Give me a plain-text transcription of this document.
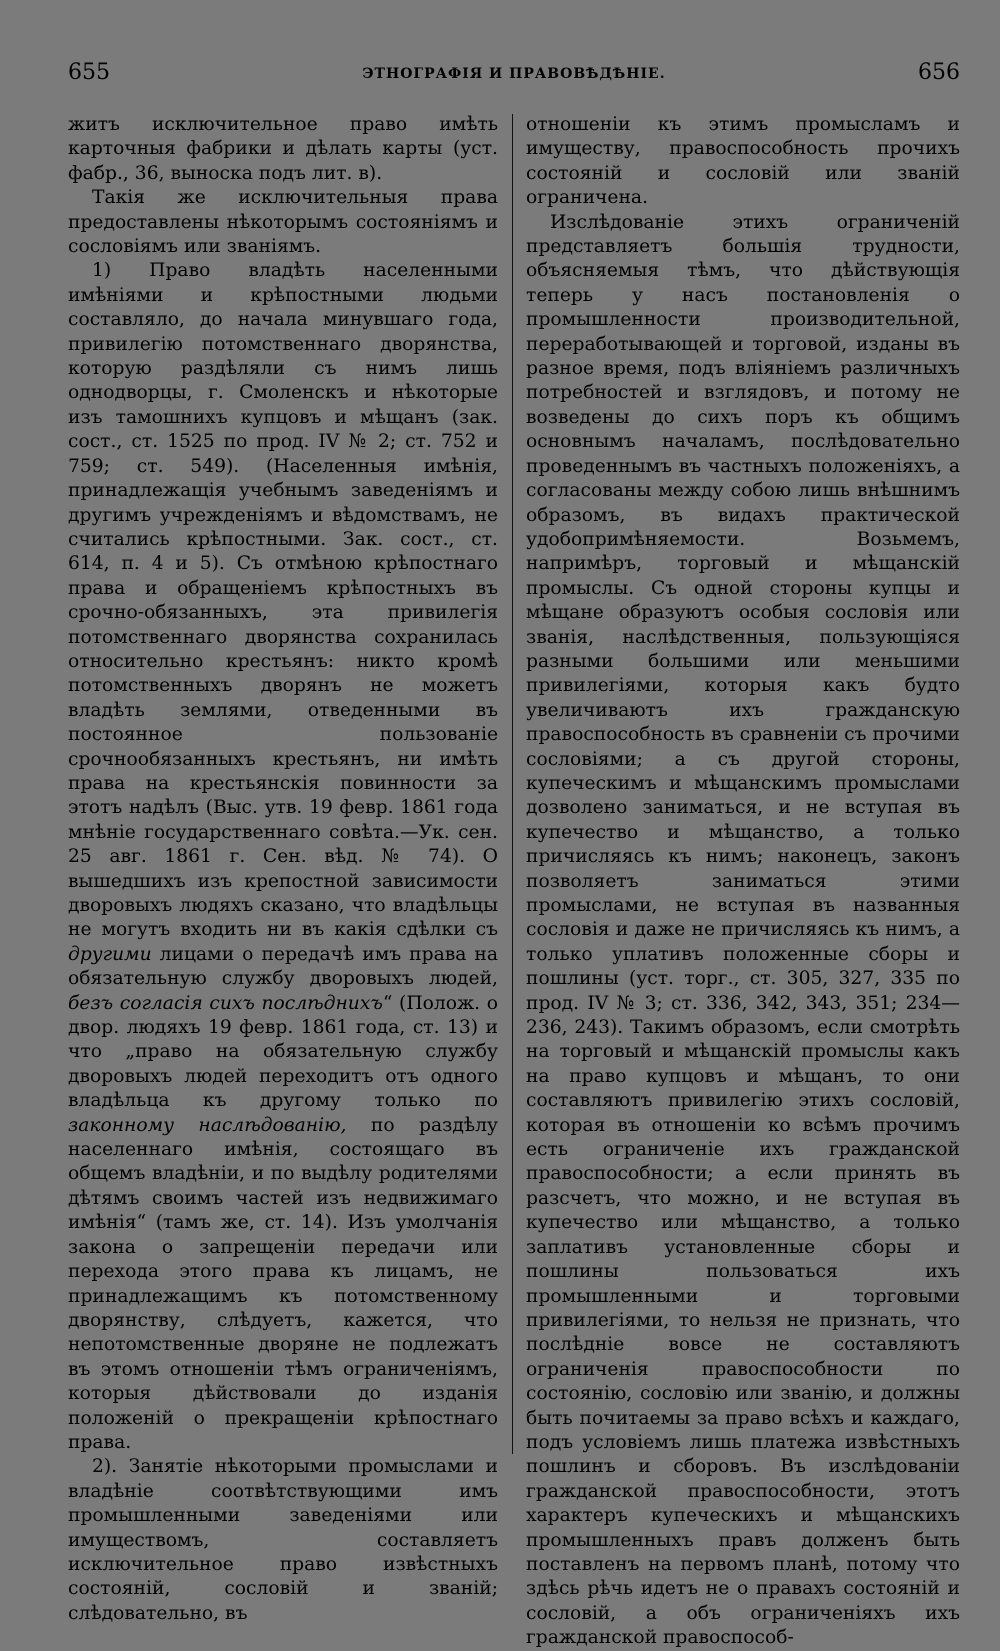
655	ЭТНОГРАФІЯ И ПРАВОВѢДѢНІЕ.	656

житъ исключительное право имѣть карточныя фабрики и дѣлать карты (уст. фабр., 36, выноска подъ лит. в).

Такія же исключительныя права предоставлены нѣкоторымъ состояніямъ и сословіямъ или званіямъ.

1) Право владѣть населенными имѣніями и крѣпостными людьми составляло, до начала минувшаго года, привилегію потомственнаго дворянства, которую раздѣляли съ нимъ лишь однодворцы, г. Смоленскъ и нѣкоторые изъ тамошнихъ купцовъ и мѣщанъ (зак. сост., ст. 1525 по прод. IV № 2; ст. 752 и 759; ст. 549). (Населенныя имѣнія, принадлежащія учебнымъ заведеніямъ и другимъ учрежденіямъ и вѣдомствамъ, не считались крѣпостными. Зак. сост., ст. 614, п. 4 и 5). Съ отмѣною крѣпостнаго права и обращеніемъ крѣпостныхъ въ срочно-обязанныхъ, эта привилегія потомственнаго дворянства сохранилась относительно крестьянъ: никто кромѣ потомственныхъ дворянъ не можетъ владѣть землями, отведенными въ постоянное пользованіе срочнообязанныхъ крестьянъ, ни имѣть права на крестьянскія повинности за этотъ надѣлъ (Выс. утв. 19 февр. 1861 года мнѣніе государственнаго совѣта.—Ук. сен. 25 авг. 1861 г. Сен. вѣд. № 74). О вышедшихъ изъ крепостной зависимости дворовыхъ людяхъ сказано, что владѣльцы не могутъ входить ни въ какія сдѣлки съ другими лицами о передачѣ имъ права на обязательную службу дворовыхъ людей, безъ согласія сихъ послѣднихъ“ (Полож. о двор. людяхъ 19 февр. 1861 года, ст. 13) и что „право на обязательную службу дворовыхъ людей переходитъ отъ одного владѣльца къ другому только по законному наслѣдованію, по раздѣлу населеннаго имѣнія, состоящаго въ общемъ владѣніи, и по выдѣлу родителями дѣтямъ своимъ частей изъ недвижимаго имѣнія“ (тамъ же, ст. 14). Изъ умолчанія закона о запрещеніи передачи или перехода этого права къ лицамъ, не принадлежащимъ къ потомственному дворянству, слѣдуетъ, кажется, что непотомственные дворяне не подлежатъ въ этомъ отношеніи тѣмъ ограниченіямъ, которыя дѣйствовали до изданія положеній о прекращеніи крѣпостнаго права.

2). Занятіе нѣкоторыми промыслами и владѣніе соотвѣтствующими имъ промышленными заведеніями или имуществомъ, составляетъ исключительное право извѣстныхъ состояній, сословій и званій; слѣдовательно, въ

отношеніи къ этимъ промысламъ и имуществу, правоспособность прочихъ состояній и сословій или званій ограничена.

Изслѣдованіе этихъ ограниченій представляетъ большія трудности, объясняемыя тѣмъ, что дѣйствующія теперь у насъ постановленія о промышленности производительной, переработывающей и торговой, изданы въ разное время, подъ вліяніемъ различныхъ потребностей и взглядовъ, и потому не возведены до сихъ поръ къ общимъ основнымъ началамъ, послѣдовательно проведеннымъ въ частныхъ положеніяхъ, а согласованы между собою лишь внѣшнимъ образомъ, въ видахъ практической удобопримѣняемости. Возьмемъ, напримѣръ, торговый и мѣщанскій промыслы. Съ одной стороны купцы и мѣщане образуютъ особыя сословія или званія, наслѣдственныя, пользующіяся разными большими или меньшими привилегіями, которыя какъ будто увеличиваютъ ихъ гражданскую правоспособность въ сравненіи съ прочими сословіями; а съ другой стороны, купеческимъ и мѣщанскимъ промыслами дозволено заниматься, и не вступая въ купечество и мѣщанство, а только причисляясь къ нимъ; наконецъ, законъ позволяетъ заниматься этими промыслами, не вступая въ названныя сословія и даже не причисляясь къ нимъ, а только уплативъ положенные сборы и пошлины (уст. торг., ст. 305, 327, 335 по прод. IV № 3; ст. 336, 342, 343, 351; 234—236, 243). Такимъ образомъ, если смотрѣть на торговый и мѣщанскій промыслы какъ на право купцовъ и мѣщанъ, то они составляютъ привилегію этихъ сословій, которая въ отношеніи ко всѣмъ прочимъ есть ограниченіе ихъ гражданской правоспособности; а если принять въ разсчетъ, что можно, и не вступая въ купечество или мѣщанство, а только заплативъ установленные сборы и пошлины пользоваться ихъ промышленными и торговыми привилегіями, то нельзя не признать, что послѣдніе вовсе не составляютъ ограниченія правоспособности по состоянію, сословію или званію, и должны быть почитаемы за право всѣхъ и каждаго, подъ условіемъ лишь платежа извѣстныхъ пошлинъ и сборовъ. Въ изслѣдованіи гражданской правоспособности, этотъ характеръ купеческихъ и мѣщанскихъ промышленныхъ правъ долженъ быть поставленъ на первомъ планѣ, потому что здѣсь рѣчь идетъ не о правахъ состояній и сословій, а объ ограниченіяхъ ихъ гражданской правоспособ-
